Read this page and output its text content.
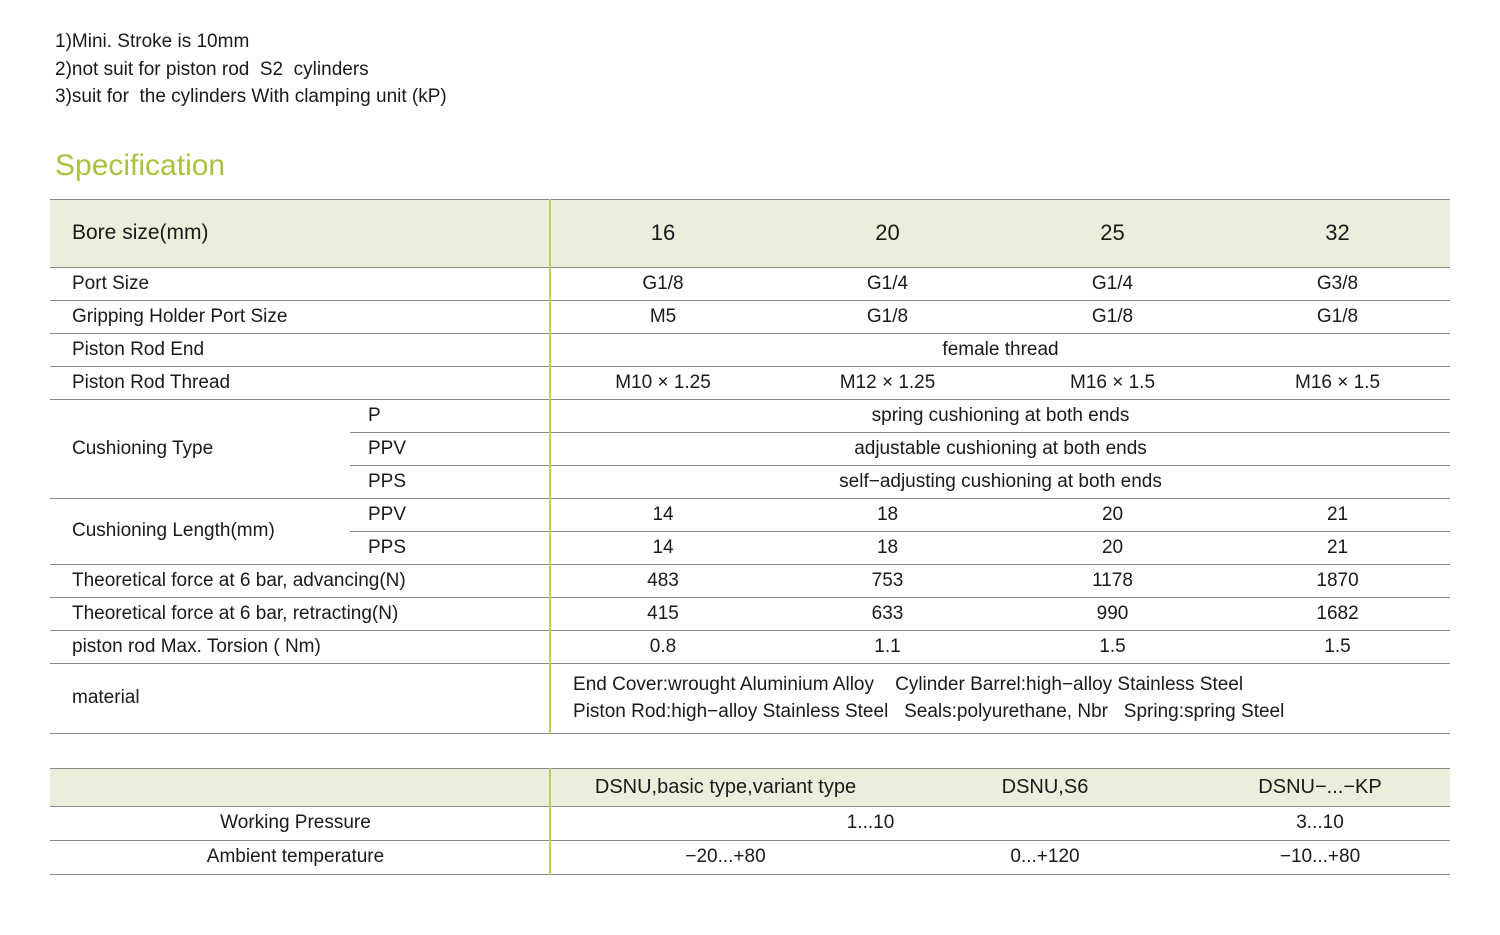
1)Mini. Stroke is 10mm
2)not suit for piston rod  S2  cylinders
3)suit for  the cylinders With clamping unit (kP)
Specification
Bore size(mm)		16	20	25	32
Port Size		G1/8	G1/4	G1/4	G3/8
Gripping Holder Port Size		M5	G1/8	G1/8	G1/8
Piston Rod End		female thread			
Piston Rod Thread		M10 × 1.25	M12 × 1.25	M16 × 1.5	M16 × 1.5
Cushioning Type	P	spring cushioning at both ends			
	PPV	adjustable cushioning at both ends			
	PPS	self−adjusting cushioning at both ends			
Cushioning Length(mm)	PPV	14	18	20	21
	PPS	14	18	20	21
Theoretical force at 6 bar, advancing(N)		483	753	1178	1870
Theoretical force at 6 bar, retracting(N)		415	633	990	1682
piston rod Max. Torsion ( Nm)		0.8	1.1	1.5	1.5
material		End Cover:wrought Aluminium Alloy    Cylinder Barrel:high−alloy Stainless Steel
Piston Rod:high−alloy Stainless Steel   Seals:polyurethane, Nbr   Spring:spring Steel			
	DSNU,basic type,variant type	DSNU,S6	DSNU−...−KP
Working Pressure	1...10		3...10
Ambient temperature	−20...+80	0...+120	−10...+80
